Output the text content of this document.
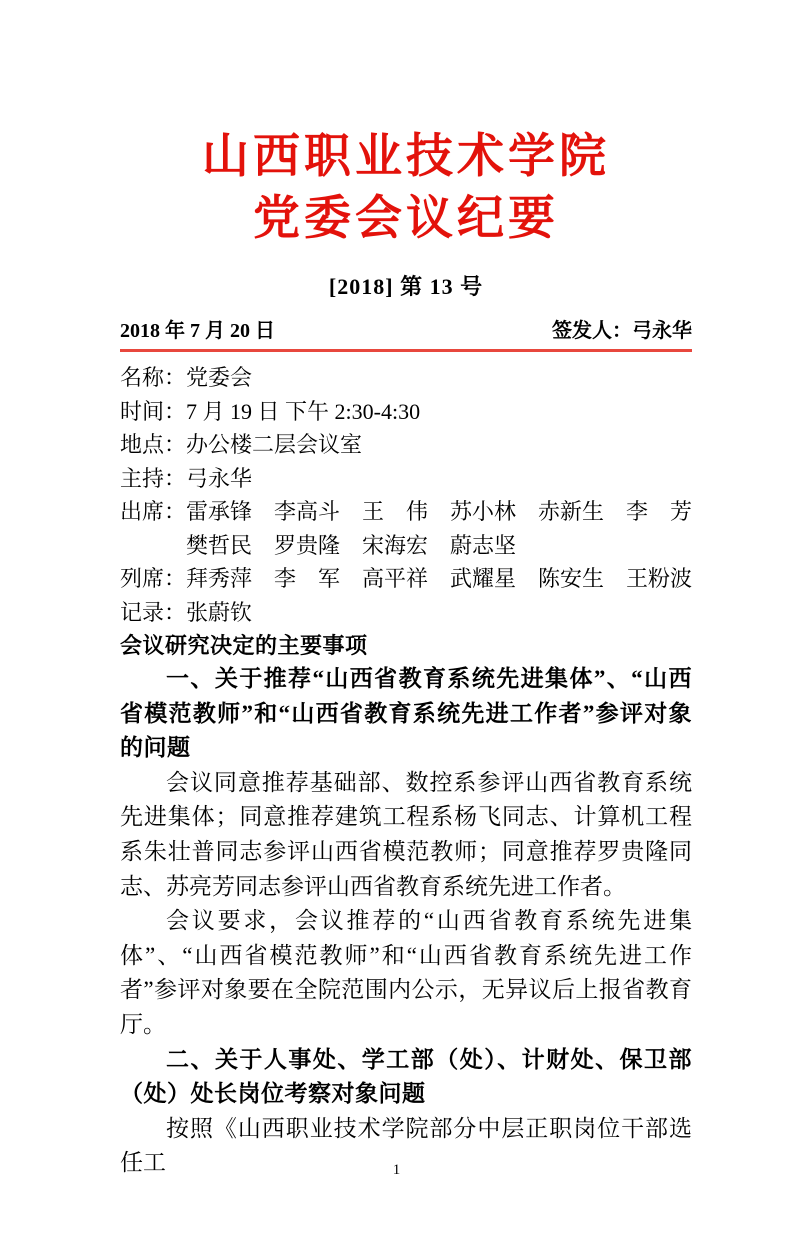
山西职业技术学院
党委会议纪要
[2018] 第 13 号
2018 年 7 月 20 日	签发人：弓永华
名称：党委会
时间：7 月 19 日 下午 2:30-4:30
地点：办公楼二层会议室
主持：弓永华
出席：雷承锋　李高斗　王　伟　苏小林　赤新生　李　芳
樊哲民　罗贵隆　宋海宏　蔚志坚
列席：拜秀萍　李　军　高平祥　武耀星　陈安生　王粉波
记录：张蔚钦
会议研究决定的主要事项

一、关于推荐“山西省教育系统先进集体”、“山西省模范教师”和“山西省教育系统先进工作者”参评对象的问题

会议同意推荐基础部、数控系参评山西省教育系统先进集体；同意推荐建筑工程系杨飞同志、计算机工程系朱壮普同志参评山西省模范教师；同意推荐罗贵隆同志、苏亮芳同志参评山西省教育系统先进工作者。

会议要求，会议推荐的“山西省教育系统先进集体”、“山西省模范教师”和“山西省教育系统先进工作者”参评对象要在全院范围内公示，无异议后上报省教育厅。

二、关于人事处、学工部（处）、计财处、保卫部（处）处长岗位考察对象问题

按照《山西职业技术学院部分中层正职岗位干部选任工	1
